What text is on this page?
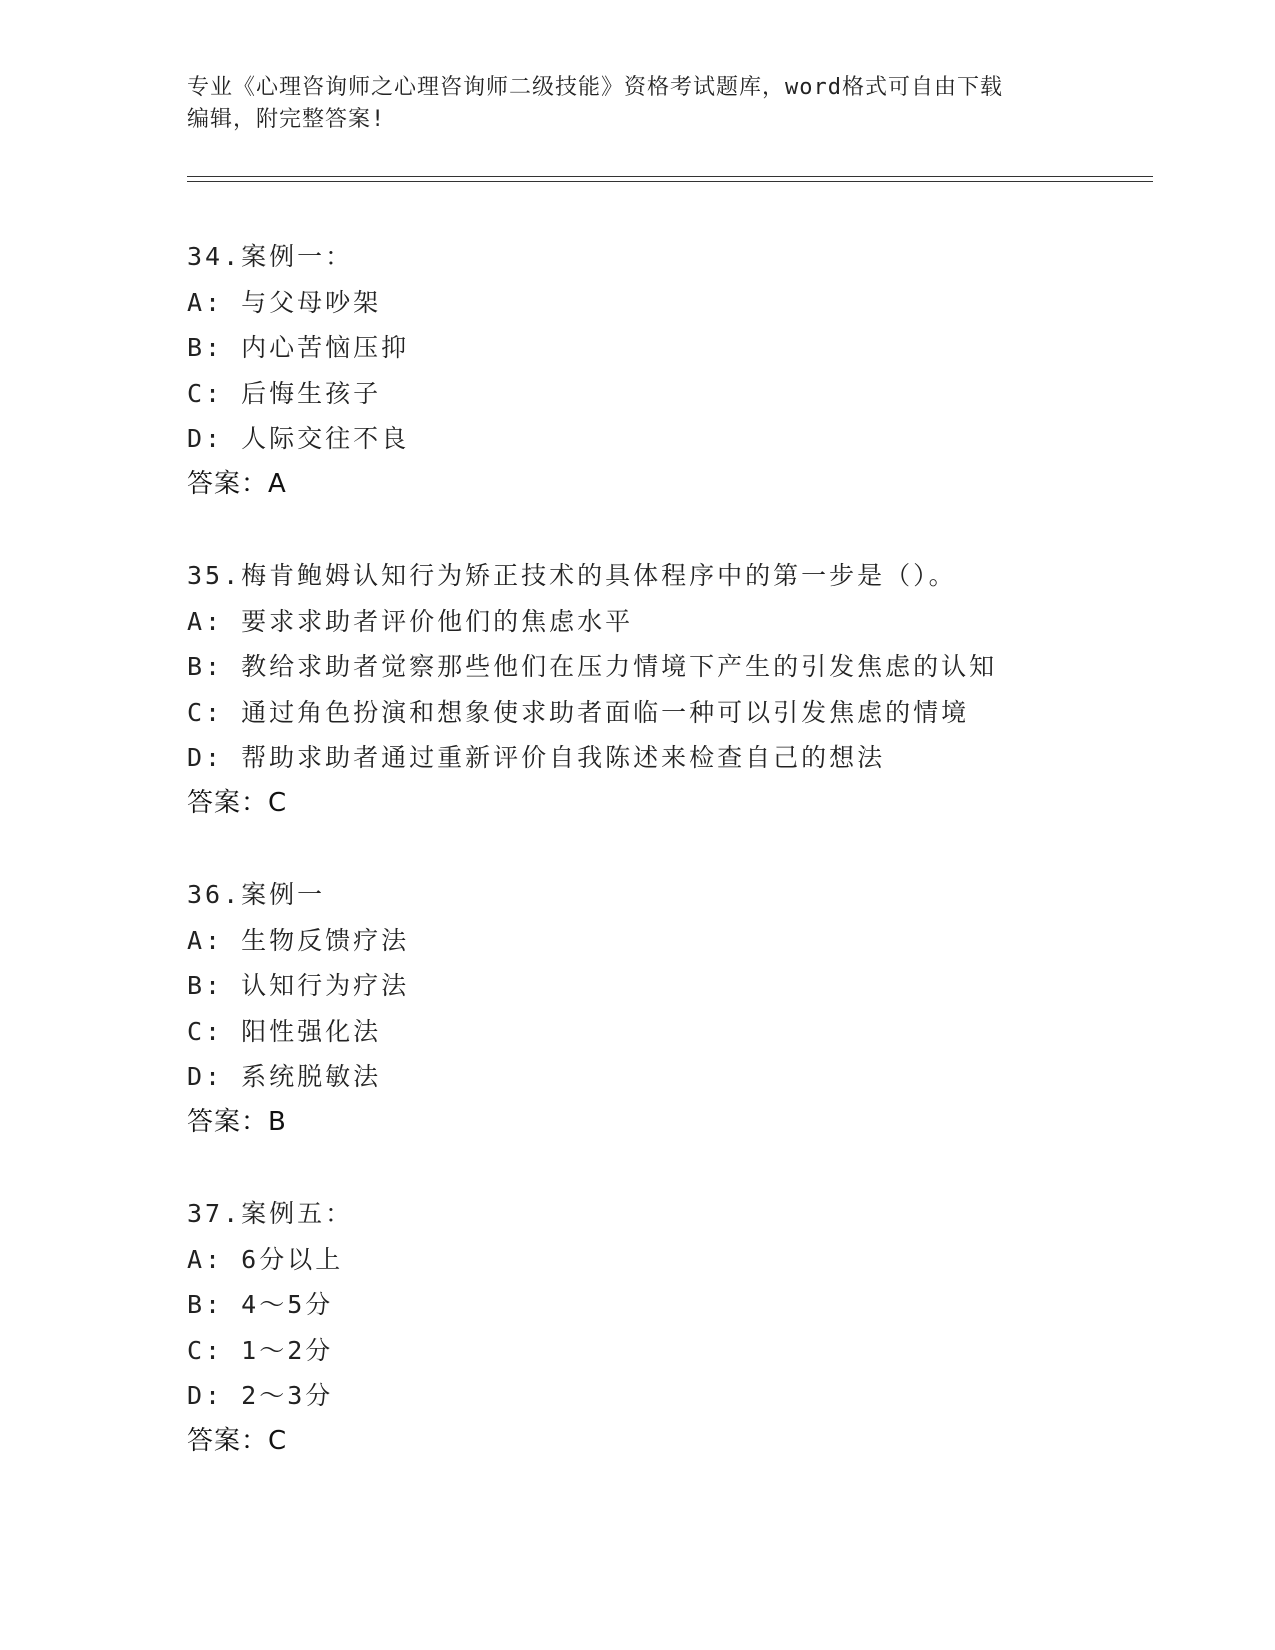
专业《心理咨询师之心理咨询师二级技能》资格考试题库，word格式可自由下载
编辑，附完整答案!
34.案例一：
A: 与父母吵架
B: 内心苦恼压抑
C: 后悔生孩子
D: 人际交往不良
答案：A
35.梅肯鲍姆认知行为矫正技术的具体程序中的第一步是（）。
A: 要求求助者评价他们的焦虑水平
B: 教给求助者觉察那些他们在压力情境下产生的引发焦虑的认知
C: 通过角色扮演和想象使求助者面临一种可以引发焦虑的情境
D: 帮助求助者通过重新评价自我陈述来检查自己的想法
答案：C
36.案例一
A: 生物反馈疗法
B: 认知行为疗法
C: 阳性强化法
D: 系统脱敏法
答案：B
37.案例五：
A: 6分以上
B: 4～5分
C: 1～2分
D: 2～3分
答案：C
